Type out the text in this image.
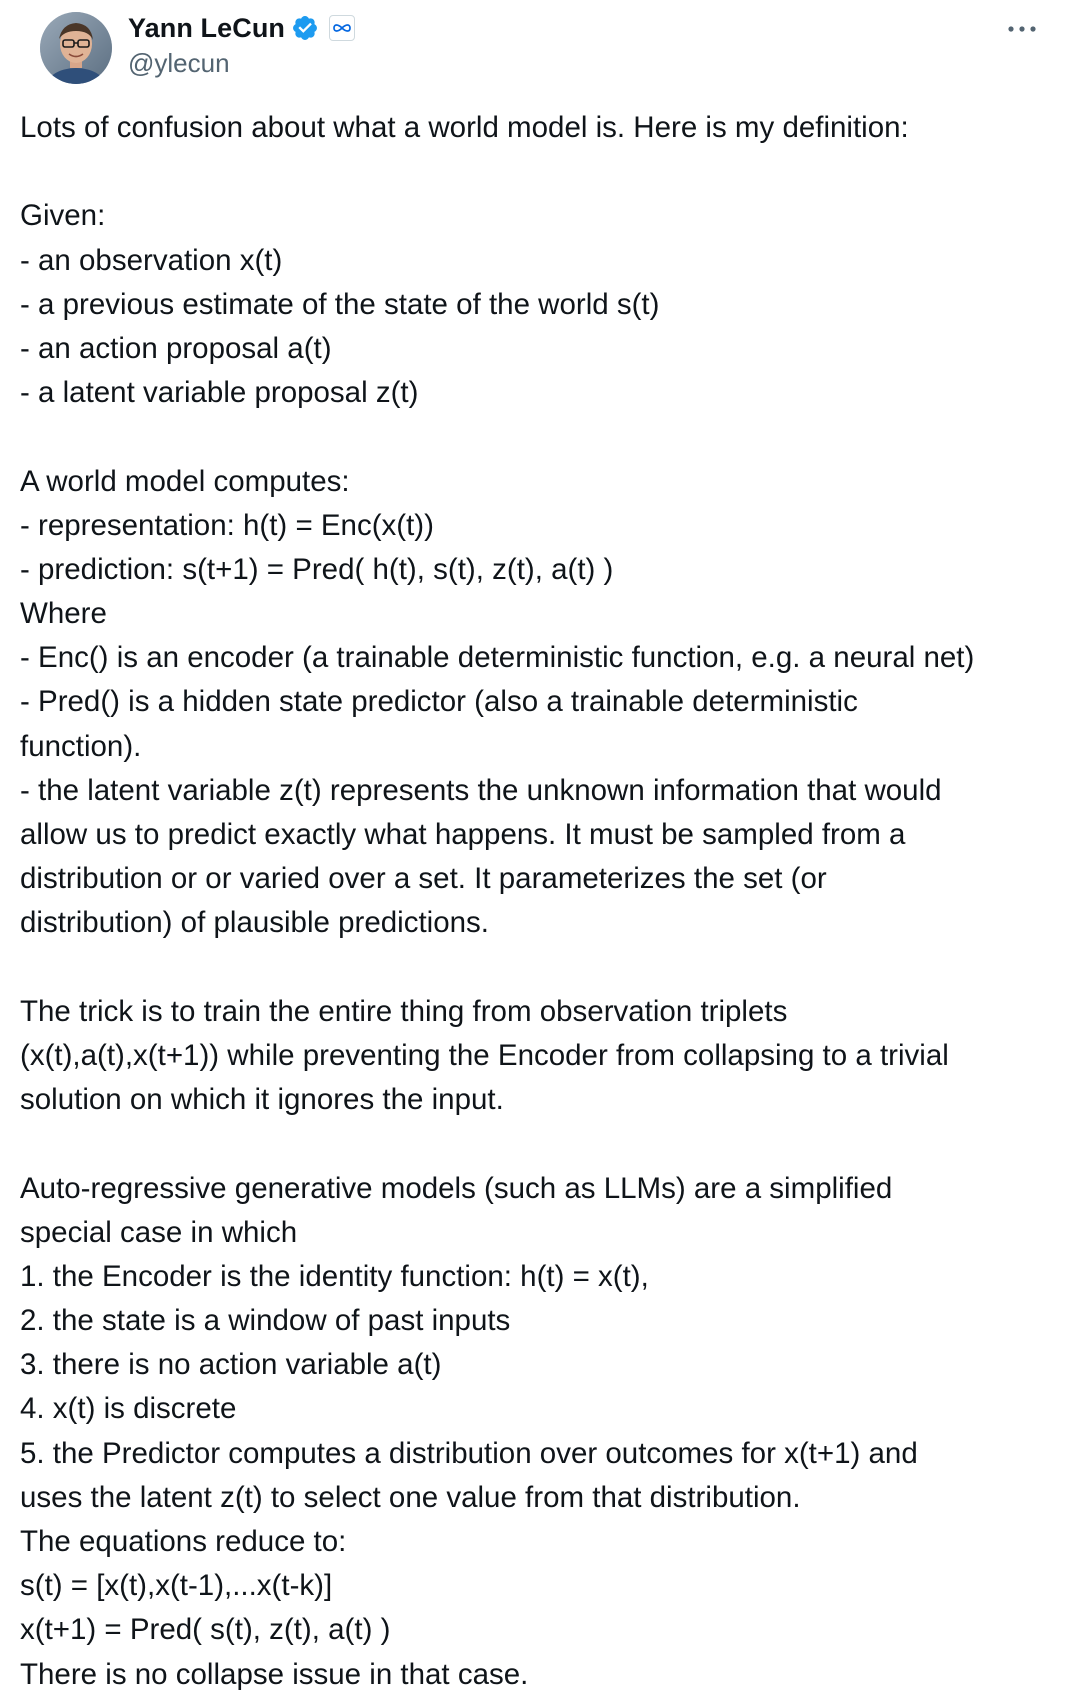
Yann LeCun
@ylecun
Lots of confusion about what a world model is. Here is my definition:
Given:
- an observation x(t)
- a previous estimate of the state of the world s(t)
- an action proposal a(t)
- a latent variable proposal z(t)
A world model computes:
- representation: h(t) = Enc(x(t))
- prediction: s(t+1) = Pred( h(t), s(t), z(t), a(t) )
Where
- Enc() is an encoder (a trainable deterministic function, e.g. a neural net)
- Pred() is a hidden state predictor (also a trainable deterministic
function).
- the latent variable z(t) represents the unknown information that would
allow us to predict exactly what happens. It must be sampled from a
distribution or or varied over a set. It parameterizes the set (or
distribution) of plausible predictions.
The trick is to train the entire thing from observation triplets
(x(t),a(t),x(t+1)) while preventing the Encoder from collapsing to a trivial
solution on which it ignores the input.
Auto-regressive generative models (such as LLMs) are a simplified
special case in which
1. the Encoder is the identity function: h(t) = x(t),
2. the state is a window of past inputs
3. there is no action variable a(t)
4. x(t) is discrete
5. the Predictor computes a distribution over outcomes for x(t+1) and
uses the latent z(t) to select one value from that distribution.
The equations reduce to:
s(t) = [x(t),x(t-1),...x(t-k)]
x(t+1) = Pred( s(t), z(t), a(t) )
There is no collapse issue in that case.
